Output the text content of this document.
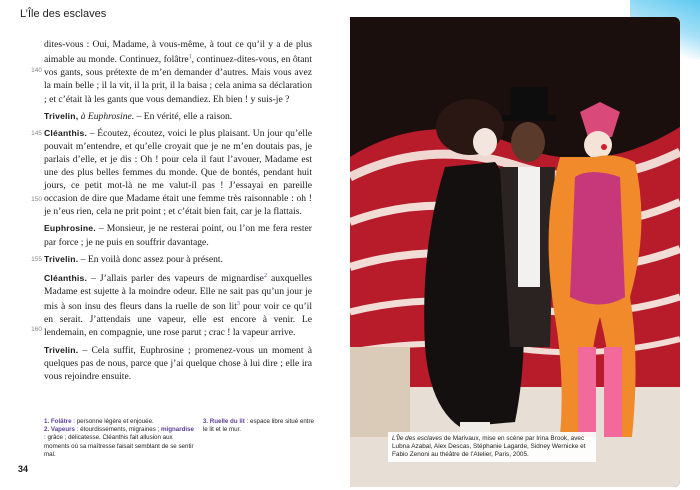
L’Île des esclaves

140
dites-vous : Oui, Madame, à vous-même, à tout ce qu’il y a de plus aimable au monde. Continuez, folâtre$^1$, continuez-dites-vous, en ôtant vos gants, sous prétexte de m’en demander d’autres. Mais vous avez la main belle ; il la vit, il la prit, il la baisa ; cela anima sa déclaration ; et c’était là les gants que vous demandiez. Eh bien ! y suis-je ?

Trivelin, à Euphrosine. – En vérité, elle a raison.

145
150
Cléanthis. – Écoutez, écoutez, voici le plus plaisant. Un jour qu’elle pouvait m’entendre, et qu’elle croyait que je ne m’en doutais pas, je parlais d’elle, et je dis : Oh ! pour cela il faut l’avouer, Madame est une des plus belles femmes du monde. Que de bontés, pendant huit jours, ce petit mot-là ne me valut-il pas ! J’essayai en pareille occasion de dire que Madame était une femme très raisonnable : oh ! je n’eus rien, cela ne prit point ; et c’était bien fait, car je la flattais.

Euphrosine. – Monsieur, je ne resterai point, ou l’on me fera rester par force ; je ne puis en souffrir davantage.

155 Trivelin. – En voilà donc assez pour à présent.

160
Cléanthis. – J’allais parler des vapeurs de mignardise$^2$ auxquelles Madame est sujette à la moindre odeur. Elle ne sait pas qu’un jour je mis à son insu des fleurs dans la ruelle de son lit$^3$ pour voir ce qu’il en serait. J’attendais une vapeur, elle est encore à venir. Le lendemain, en compagnie, une rose parut ; crac ! la vapeur arrive.

Trivelin. – Cela suffit, Euphrosine ; promenez-vous un moment à quelques pas de nous, parce que j’ai quelque chose à lui dire ; elle ira vous rejoindre ensuite.

1. Folâtre : personne légère et enjouée.
2. Vapeurs : étourdissements, migraines ; mignardise : grâce ; délicatesse. Cléanthis fait allusion aux moments où sa maîtresse faisait semblant de se sentir mal.
3. Ruelle du lit : espace libre situé entre le lit et le mur.
34
L’Île des esclaves de Marivaux, mise en scène par Irina Brook, avec Lubna Azabal, Alex Descas, Stéphanie Lagarde, Sidney Wernicke et Fabio Zenoni au théâtre de l’Atelier, Paris, 2005.
